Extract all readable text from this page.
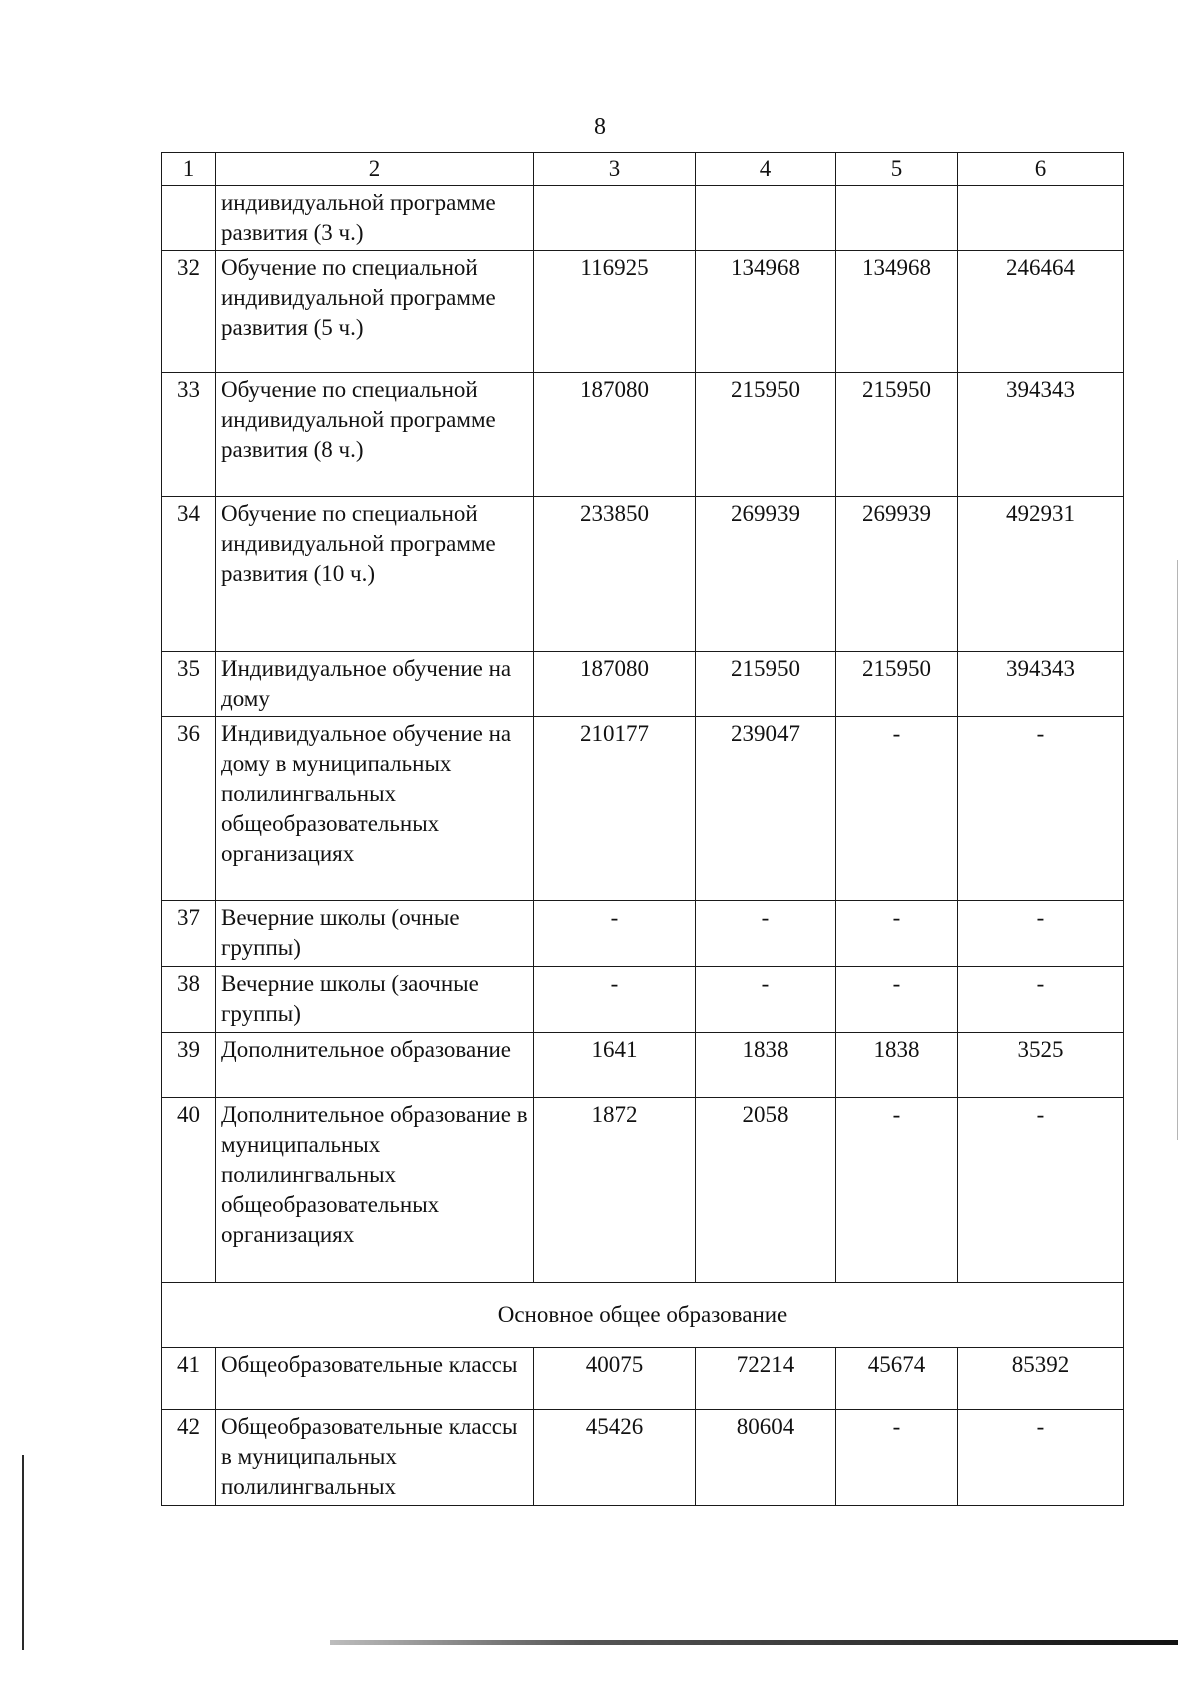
8
1	2	3	4	5	6
	индивидуальной программе развития (3 ч.)				
32	Обучение по специальной индивидуальной программе развития (5 ч.)	116925	134968	134968	246464
33	Обучение по специальной индивидуальной программе развития (8 ч.)	187080	215950	215950	394343
34	Обучение по специальной индивидуальной программе развития (10 ч.)	233850	269939	269939	492931
35	Индивидуальное обучение на дому	187080	215950	215950	394343
36	Индивидуальное обучение на дому в муниципальных полилингвальных общеобразовательных организациях	210177	239047	-	-
37	Вечерние школы (очные группы)	-	-	-	-
38	Вечерние школы (заочные группы)	-	-	-	-
39	Дополнительное образование	1641	1838	1838	3525
40	Дополнительное образование в муниципальных полилингвальных общеобразовательных организациях	1872	2058	-	-
Основное общее образование					
41	Общеобразовательные классы	40075	72214	45674	85392
42	Общеобразовательные классы в муниципальных полилингвальных	45426	80604	-	-
